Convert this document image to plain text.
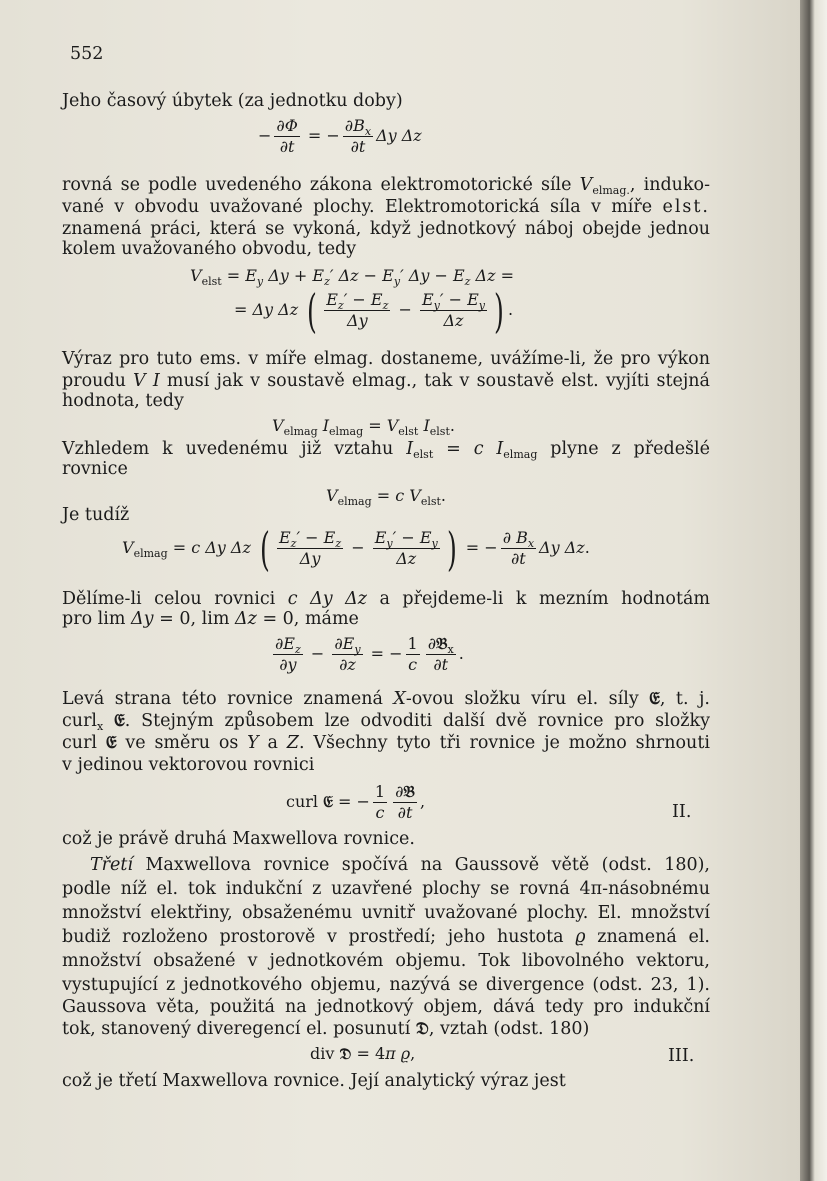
552
Jeho časový úbytek (za jednotku doby)
− $\frac{\partial\Phi}{\partial t}$ = − $\frac{\partial B_x}{\partial t}$ Δy Δz
rovná se podle uvedeného zákona elektromotorické síle $V_{elmag.}$, induko-
vané v obvodu uvažované plochy. Elektromotorická síla v míře elst.
znamená práci, která se vykoná, když jednotkový náboj obejde jednou
kolem uvažovaného obvodu, tedy
$V_{elst} = E_y$ $\Delta y + E_z'$ $\Delta z - E_y'$ $\Delta y - E_z$ Δz =
= Δy Δz ( $\frac{E_z' - E_z}{\Delta y} - \frac{E_y' - E_y}{\Delta z}$ ) .
Výraz pro tuto ems. v míře elmag. dostaneme, uvážíme-li, že pro výkon
proudu V I musí jak v soustavě elmag., tak v soustavě elst. vyjíti stejná
hodnota, tedy
$V_{elmag}$ $I_{elmag} = V_{elst}$ $I_{elst}$.
Vzhledem k uvedenému již vztahu $I_{elst} = c$ $I_{elmag}$ plyne z předešlé
rovnice
$V_{elmag} = c$ $V_{elst}$.
Je tudíž
$V_{elmag} = c$ Δy Δz ( $\frac{E_z' - E_z}{\Delta y} - \frac{E_y' - E_y}{\Delta z}$ ) = − $\frac{\partial B_x}{\partial t}$ Δy Δz.
Dělíme-li celou rovnici c Δy Δz a přejdeme-li k mezním hodnotám
pro lim Δy = 0, lim Δz = 0, máme
$\frac{\partial E_z}{\partial y} - \frac{\partial E_y}{\partial z}$ = − $\frac{1}{c}$ ∂𝔅$_x$
∂t
.
Levá strana této rovnice znamená X-ovou složku víru el. síly 𝔈, t. j.
curl$_x$ 𝔈. Stejným způsobem lze odvoditi další dvě rovnice pro složky
curl 𝔈 ve směru os Y a Z. Všechny tyto tři rovnice je možno shrnouti
v jedinou vektorovou rovnici
curl 𝔈 = − $\frac{1}{c}$ ∂𝔅
∂t
,
II.
což je právě druhá Maxwellova rovnice.
Třetí Maxwellova rovnice spočívá na Gaussově větě (odst. 180),
podle níž el. tok indukční z uzavřené plochy se rovná 4π-násobnému
množství elektřiny, obsaženému uvnitř uvažované plochy. El. množství
budiž rozloženo prostorově v prostředí; jeho hustota ϱ znamená el.
množství obsažené v jednotkovém objemu. Tok libovolného vektoru,
vystupující z jednotkového objemu, nazývá se divergence (odst. 23, 1).
Gaussova věta, použitá na jednotkový objem, dává tedy pro indukční
tok, stanovený diveregencí el. posunutí 𝔇, vztah (odst. 180)
div 𝔇 = 4π ϱ,	III.
což je třetí Maxwellova rovnice. Její analytický výraz jest
